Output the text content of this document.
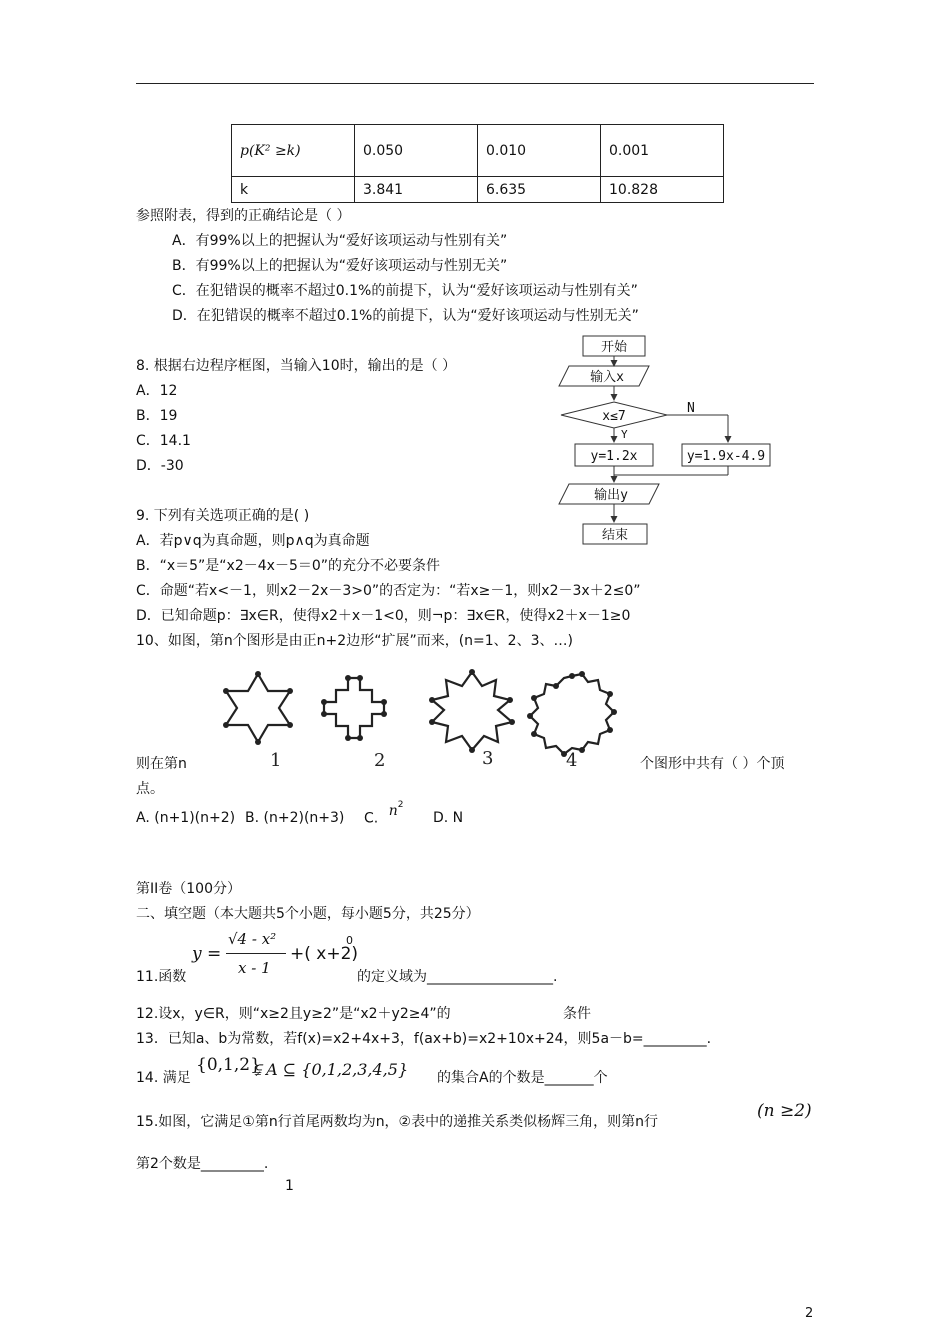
p(K² ≥k)	0.050	0.010	0.001
k	3.841	6.635	10.828
参照附表，得到的正确结论是（ ）
A．有99%以上的把握认为“爱好该项运动与性别有关”
B．有99%以上的把握认为“爱好该项运动与性别无关”
C．在犯错误的概率不超过0.1%的前提下，认为“爱好该项运动与性别有关”
D．在犯错误的概率不超过0.1%的前提下，认为“爱好该项运动与性别无关”
8. 根据右边程序框图，当输入10时，输出的是（ ）
A．12
B．19
C．14.1
D．-30
开始
输入x
x≤7
N
Y
y=1.2x	y=1.9x-4.9
输出y
结束
9. 下列有关选项正确的是( )
A．若p∨q为真命题，则p∧q为真命题
B．“x＝5”是“x2－4x－5＝0”的充分不必要条件
C．命题“若x<－1，则x2－2x－3>0”的否定为：“若x≥－1，则x2－3x＋2≤0”
D．已知命题p：∃x∈R，使得x2＋x－1<0，则¬p：∃x∈R，使得x2＋x－1≥0
10、如图，第n个图形是由正n+2边形“扩展”而来，(n=1、2、3、…)
1	2	3	4
则在第n	个图形中共有（ ）个顶
点。
A. (n+1)(n+2) B. (n+2)(n+3) C. $n^2$
D. N
第II卷（100分）
二、填空题（本大题共5个小题，每小题5分，共25分）
11.函数
y =
√4 - x²
x - 1
+( x+2)
0
的定义域为__________________.
12.设x，y∈R，则“x≥2且y≥2”是“x2＋y2≥4”的	条件
13．已知a、b为常数，若f(x)=x2+4x+3，f(ax+b)=x2+10x+24，则5a－b=_________.
14. 满足
{0,1,2}
⫋ A ⊆ {0,1,2,3,4,5} 的集合A的个数是_______个
15.如图，它满足①第n行首尾两数均为n，②表中的递推关系类似杨辉三角，则第n行
(n ≥2)
第2个数是_________.
1
2
